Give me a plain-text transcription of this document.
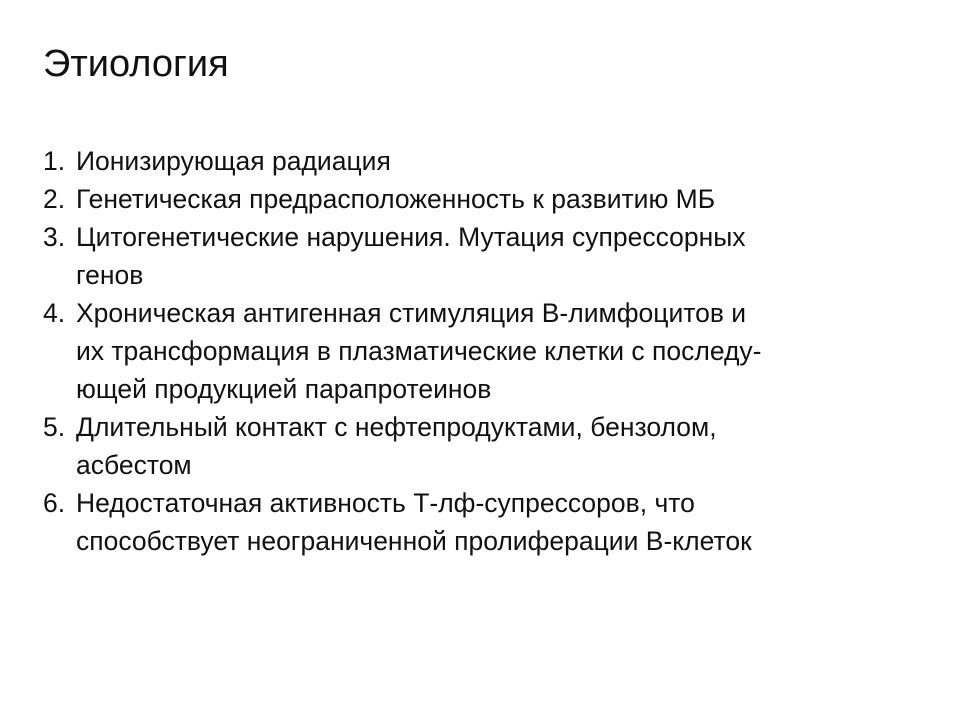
Этиология
1. Ионизирующая радиация
2. Генетическая предрасположенность к развитию МБ
3. Цитогенетические нарушения. Мутация супрессорных
генов
4. Хроническая антигенная стимуляция В-лимфоцитов и
их трансформация в плазматические клетки с последу-
ющей продукцией парапротеинов
5. Длительный контакт с нефтепродуктами, бензолом,
асбестом
6. Недостаточная активность Т-лф-супрессоров, что
способствует неограниченной пролиферации В-клеток
